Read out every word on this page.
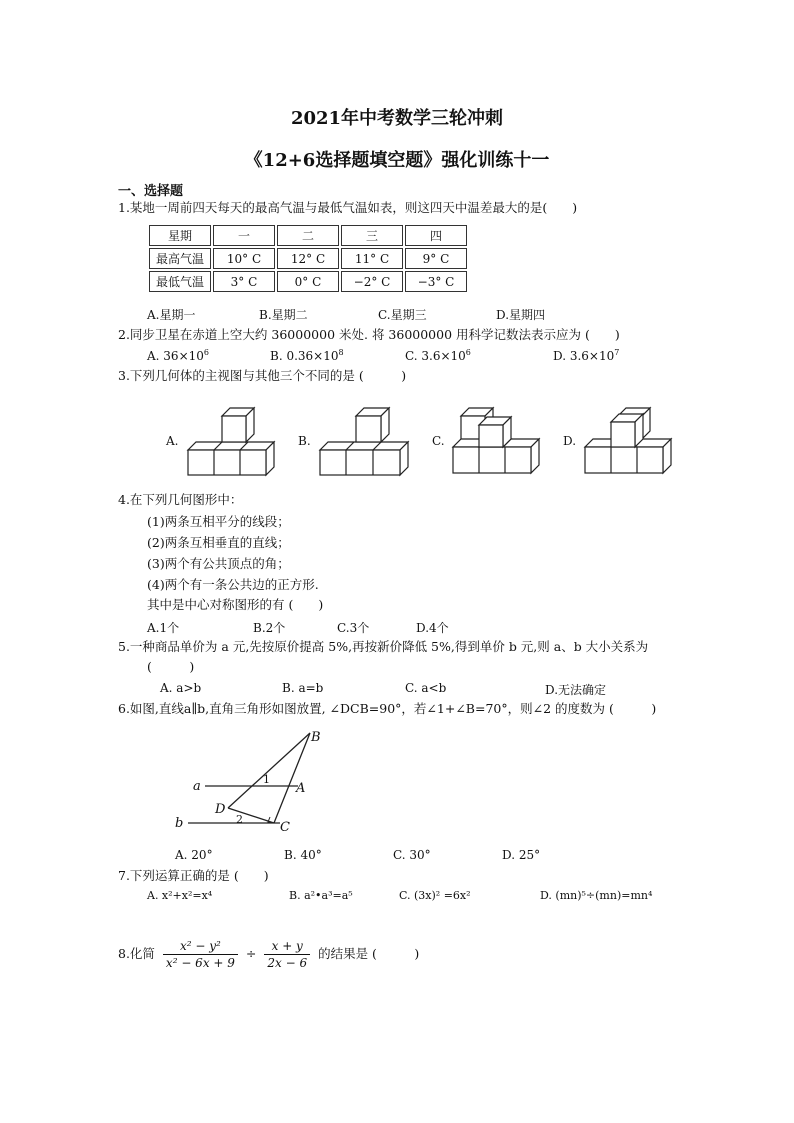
2021年中考数学三轮冲刺
《12+6选择题填空题》强化训练十一
一、选择题
1.某地一周前四天每天的最高气温与最低气温如表，则这四天中温差最大的是(　　)
星期	一	二	三	四
最高气温	10° C	12° C	11° C	9° C
最低气温	3° C	0° C	−2° C	−3° C
A.星期一	B.星期二	C.星期三	D.星期四
2.同步卫星在赤道上空大约 36000000 米处. 将 36000000 用科学记数法表示应为 (　　)
A. $36\times 10^6$	B. $0.36\times 10^8$	C. $3.6\times 10^6$	D. $3.6\times 10^7$
3.下列几何体的主视图与其他三个不同的是 (　　　)
A.	B.	C.	D.
4.在下列几何图形中：
(1)两条互相平分的线段；
(2)两条互相垂直的直线；
(3)两个有公共顶点的角；
(4)两个有一条公共边的正方形.
其中是中心对称图形的有 (　　)
A.1个	B.2个	C.3个	D.4个
5.一种商品单价为 a 元,先按原价提高 5%,再按新价降低 5%,得到单价 b 元,则 a、b 大小关系为
(　　　)
A. a>b	B. a=b	C. a<b	D.无法确定
6.如图,直线a∥b,直角三角形如图放置, ∠DCB=90°，若∠1+∠B=70°，则∠2 的度数为 (　　　)
B
a	A
D
b	C
1
2
A. 20°	B. 40°	C. 30°	D. 25°
7.下列运算正确的是 (　　)
A. x²+x²=x⁴	B. a²•a³=a⁵	C. (3x)² =6x²	D. (mn)⁵÷(mn)=mn⁴
8.化简 $\frac{\text{x² − y²}}{\text{x² − 6x + 9}} \div \frac{x + y}{2x - 6}$ 的结果是 (　　　)
